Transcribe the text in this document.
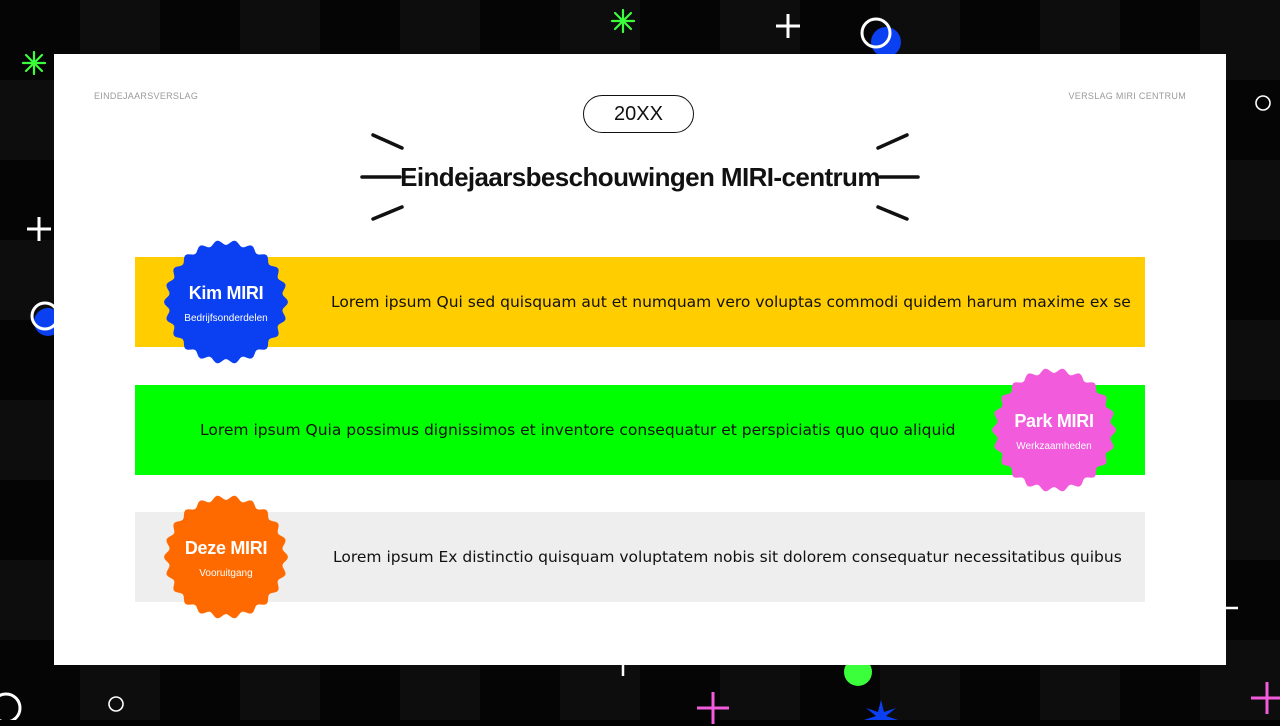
EINDEJAARSVERSLAG	VERSLAG MIRI CENTRUM
20XX
Eindejaarsbeschouwingen MIRI-centrum
Lorem ipsum Qui sed quisquam aut et numquam vero voluptas commodi quidem harum maxime ex se
Kim MIRI
Bedrijfsonderdelen
Lorem ipsum Quia possimus dignissimos et inventore consequatur et perspiciatis quo quo aliquid	Park MIRI
Werkzaamheden
Lorem ipsum Ex distinctio quisquam voluptatem nobis sit dolorem consequatur necessitatibus quibus
Deze MIRI
Vooruitgang
